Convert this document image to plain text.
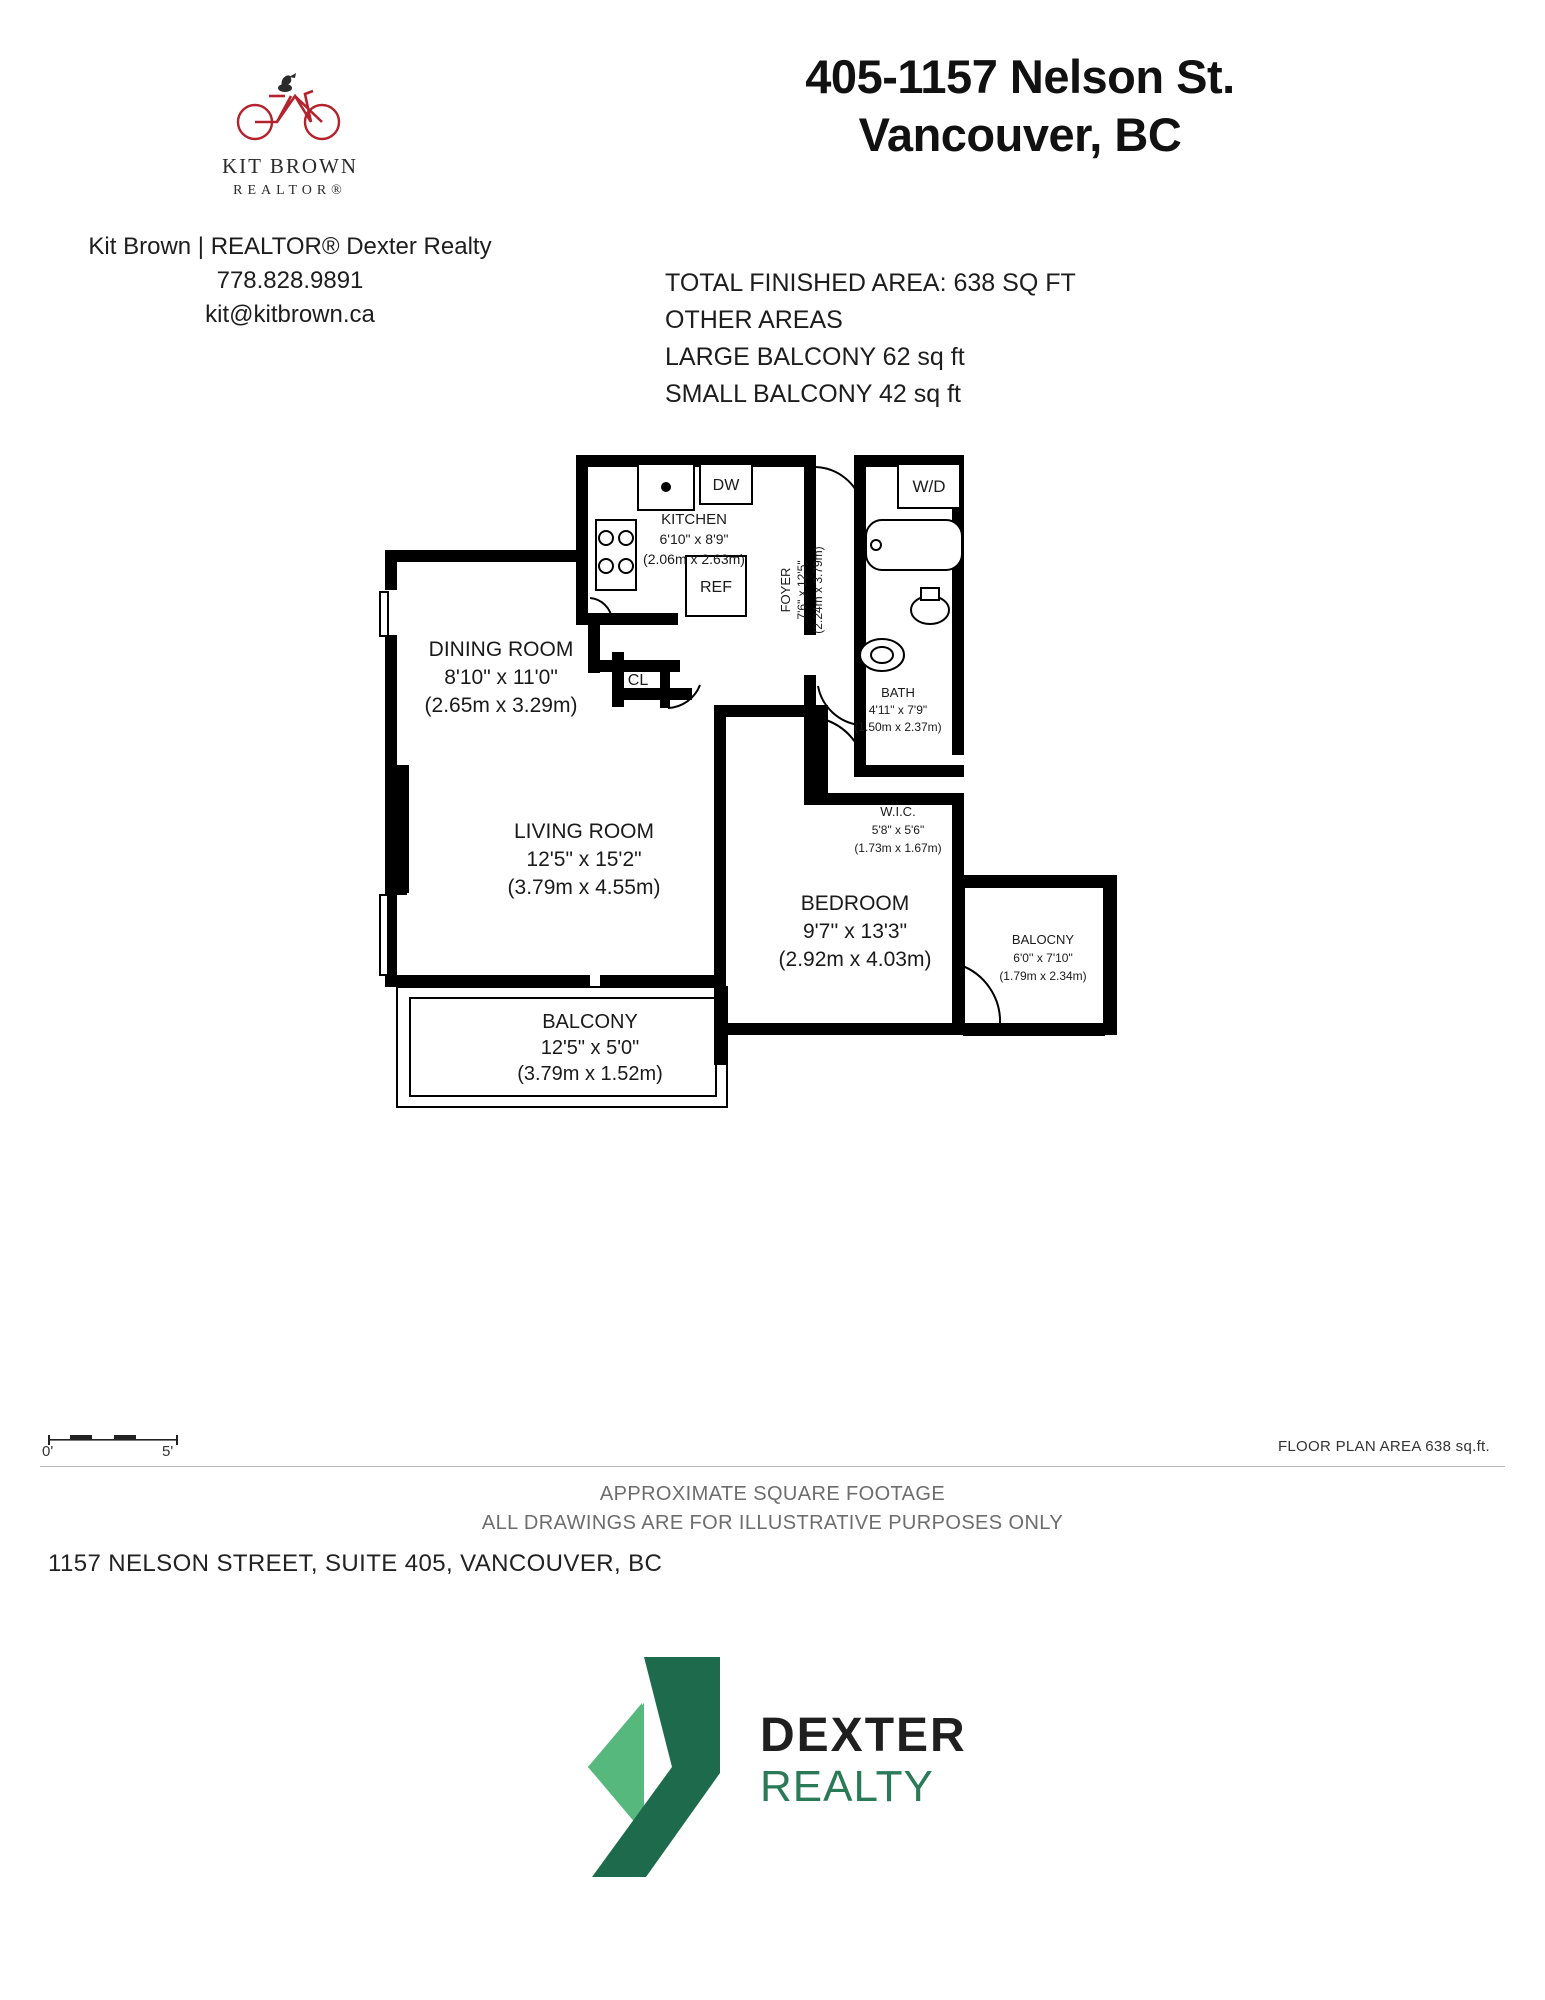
KIT BROWN
REALTOR®
Kit Brown | REALTOR® Dexter Realty
778.828.9891
kit@kitbrown.ca
405-1157 Nelson St.
Vancouver, BC
TOTAL FINISHED AREA: 638 SQ FT
OTHER AREAS
LARGE BALCONY 62 sq ft
SMALL BALCONY 42 sq ft
KITCHEN
6'10" x 8'9"
(2.06m x 2.63m)
DINING ROOM
8'10" x 11'0"
(2.65m x 3.29m)
LIVING ROOM
12'5" x 15'2"
(3.79m x 4.55m)
BEDROOM
9'7'' x 13'3"
(2.92m x 4.03m)
BALCONY
12'5" x 5'0"
(3.79m x 1.52m)
BALOCNY
6'0'' x 7'10"
(1.79m x 2.34m)
BATH
4'11" x 7'9"
(1.50m x 2.37m)
W.I.C.
5'8" x 5'6"
(1.73m x 1.67m)
FOYER 7'6" x 12'5" (2.24m x 3.79m)
DW	W/D
REF
CL
0'	5'	FLOOR PLAN AREA 638 sq.ft.
APPROXIMATE SQUARE FOOTAGE
ALL DRAWINGS ARE FOR ILLUSTRATIVE PURPOSES ONLY
1157 NELSON STREET, SUITE 405, VANCOUVER, BC
DEXTER
REALTY
